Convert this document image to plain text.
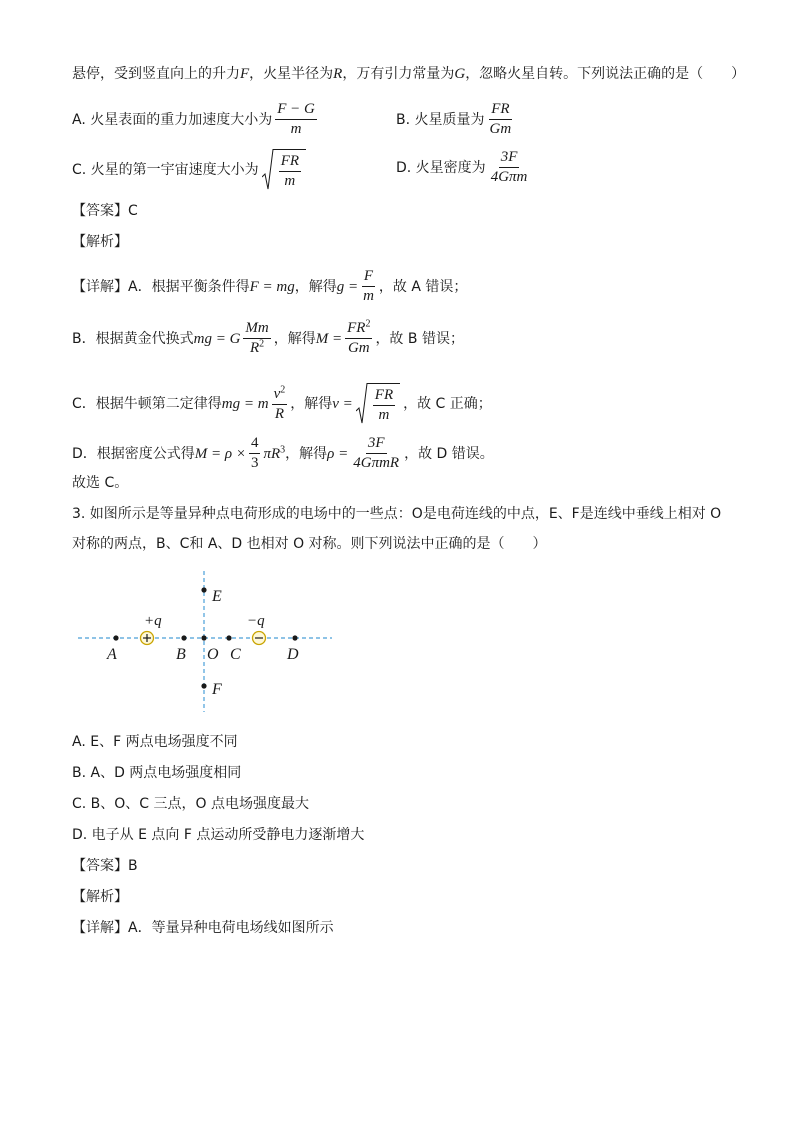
悬停，受到竖直向上的升力 F ，火星半径为 R ，万有引力常量为 G ，忽略火星自转。下列说法正确的是（　　）
A. 火星表面的重力加速度大小为 $\frac{F - G}{m}$	B. 火星质量为 $\frac{FR}{Gm}$
C. 火星的第一宇宙速度大小为 $\frac{FR}{m}$	D. 火星密度为 $\frac{3F}{\text{4Gπm}}$
【答案】C
【解析】
【详解】A．根据平衡条件得 F = mg ，解得 $g = \frac{F}{m}$ ，故 A 错误；
B．根据黄金代换式 mg = G $\frac{Mm}{R^2}$ ，解得 $M = \frac{FR^2}{Gm}$ ，故 B 错误；
C．根据牛顿第二定律得 mg = m $\frac{v^2}{R}$ ，解得 $v = \frac{FR}{m}$ ，故 C 正确；
D．根据密度公式得 $M = \rho \times \frac{4}{3} \pi R^3$ ，解得 $\rho = \frac{3F}{\text{4GπmR}}$ ，故 D 错误。
故选 C。
3. 如图所示是等量异种点电荷形成的电场中的一些点：O是电荷连线的中点，E、F是连线中垂线上相对 O
对称的两点，B、C和 A、D 也相对 O 对称。则下列说法中正确的是（　　）
+q	−q
A	B O C	D
E
F
A. E、F 两点电场强度不同
B. A、D 两点电场强度相同
C. B、O、C 三点，O 点电场强度最大
D. 电子从 E 点向 F 点运动所受静电力逐渐增大
【答案】B
【解析】
【详解】A．等量异种电荷电场线如图所示
